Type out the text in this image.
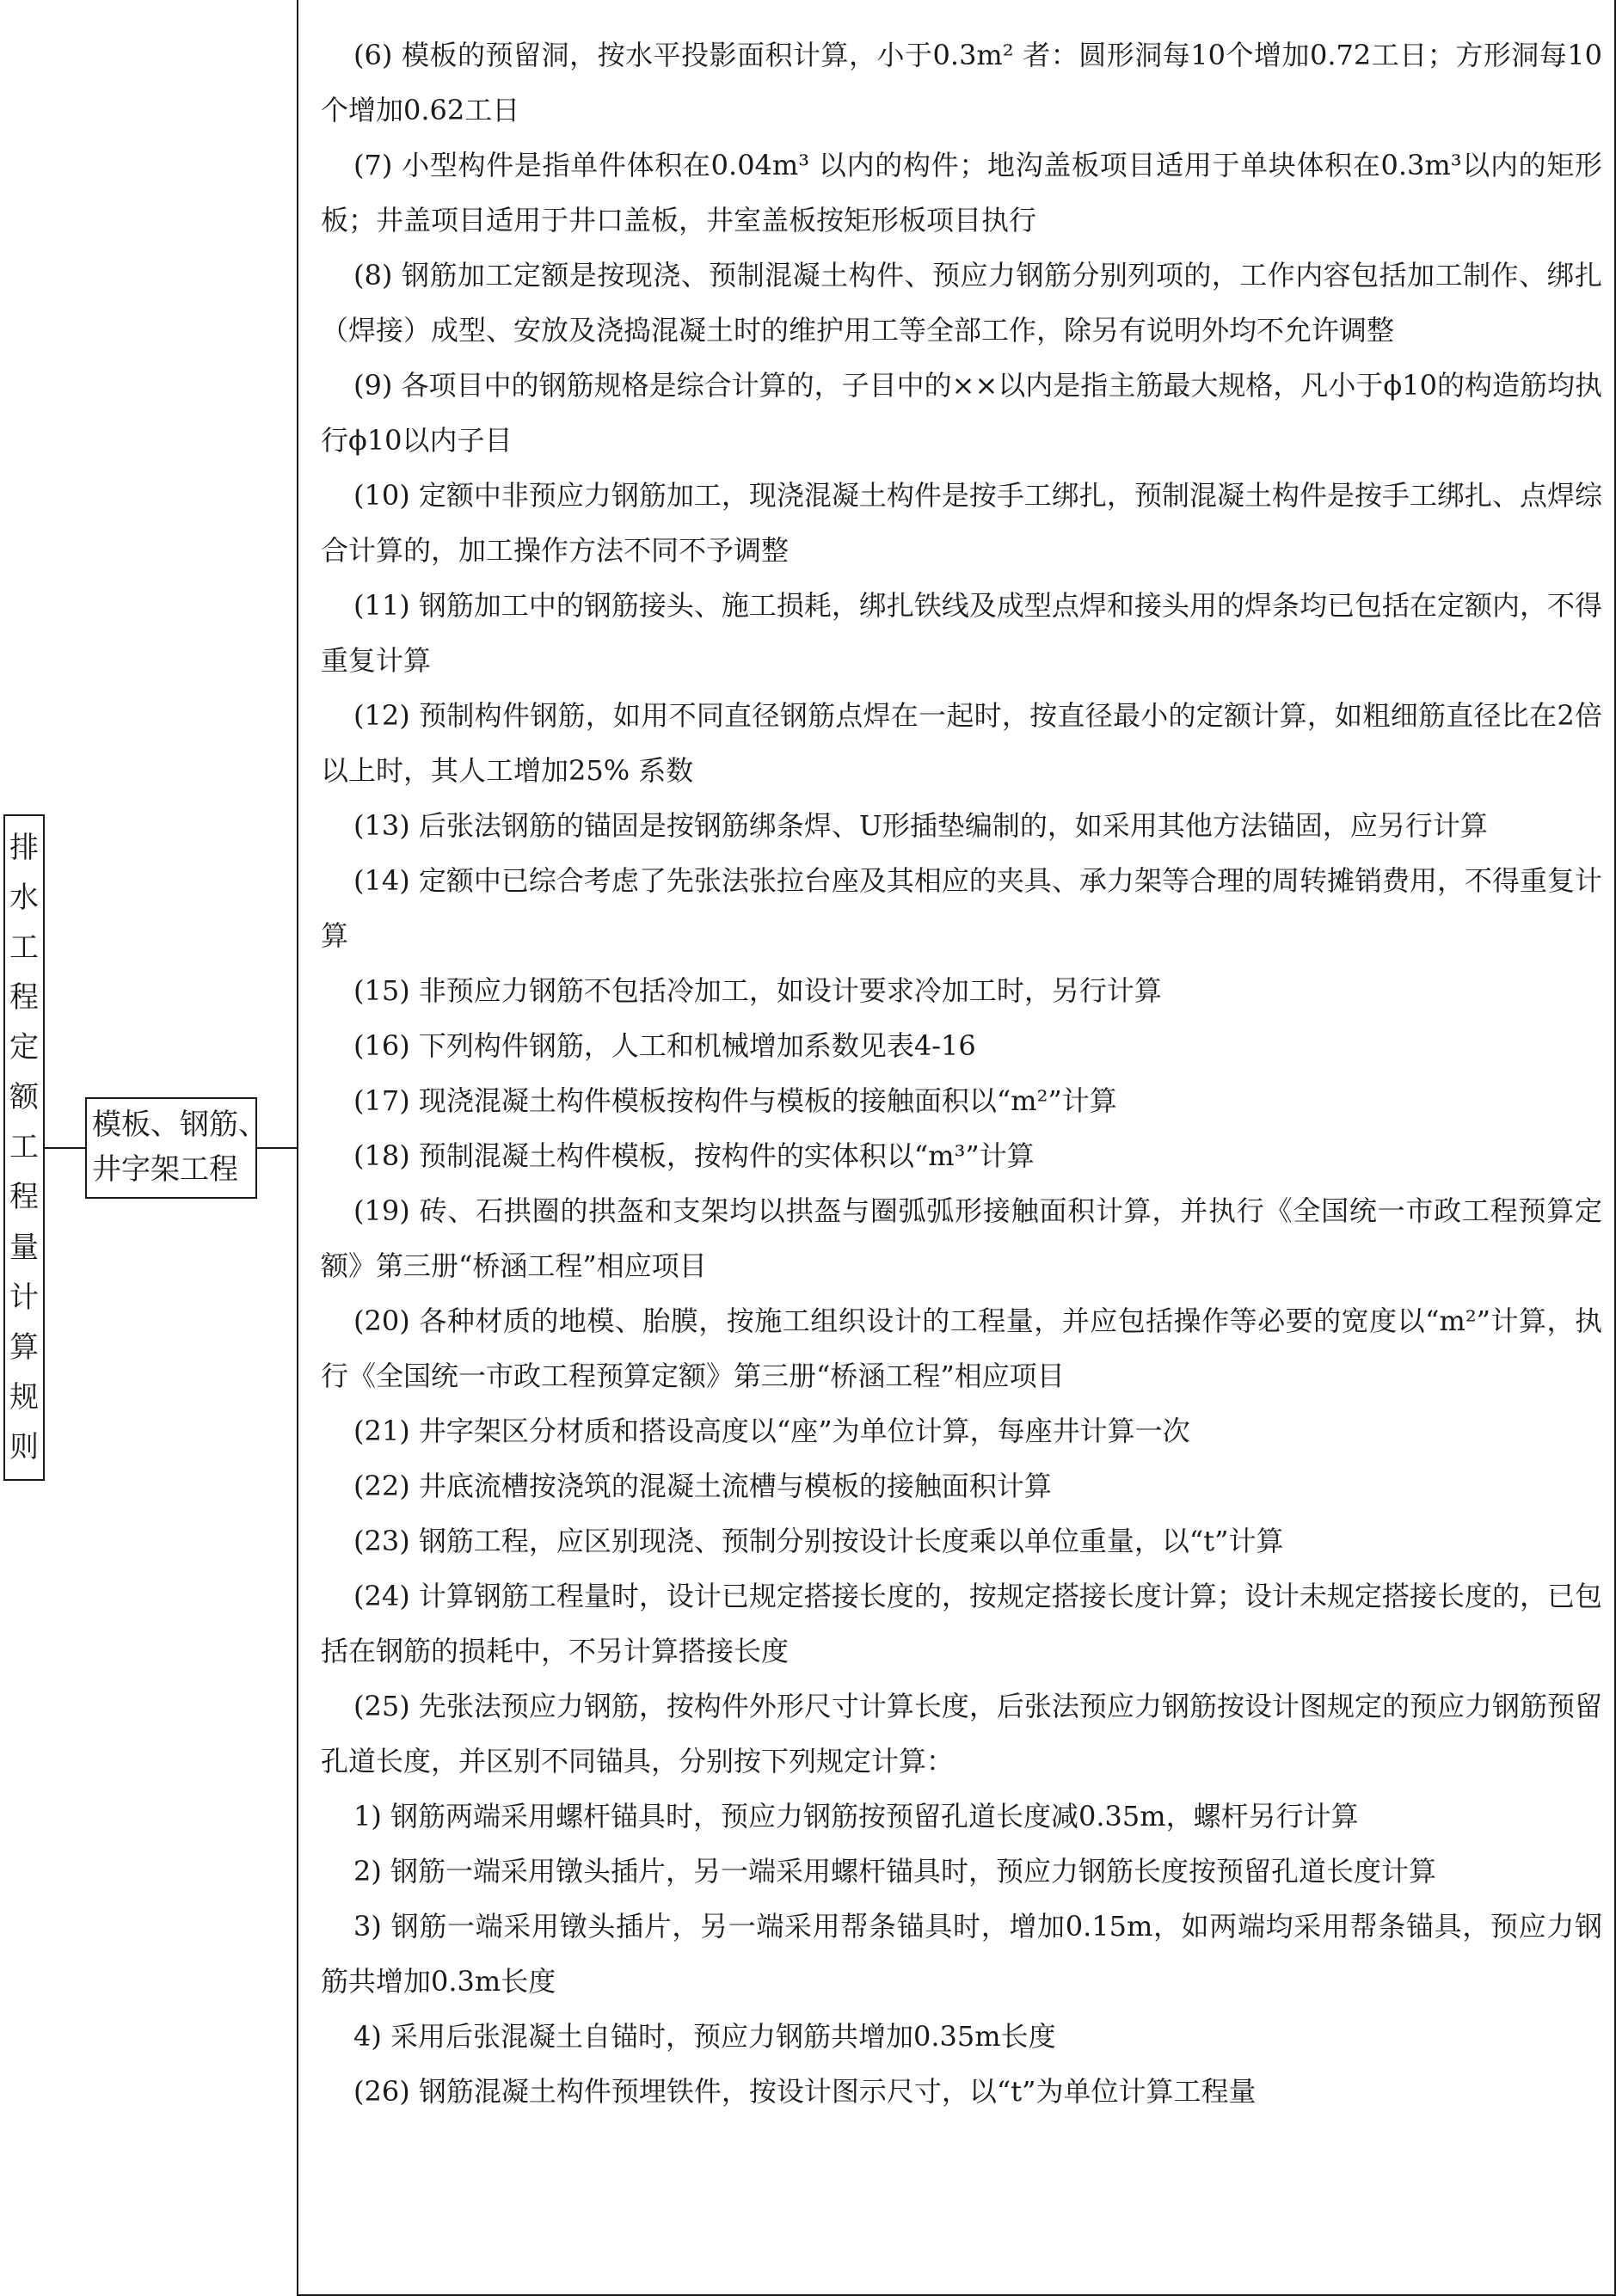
排
水
工
程
定
额
工
程
量
计
算
规
则
模板、钢筋、
井字架工程

(6) 模板的预留洞，按水平投影面积计算，小于0.3m² 者：圆形洞每10个增加0.72工日；方形洞每10个增加0.62工日

(7) 小型构件是指单件体积在0.04m³ 以内的构件；地沟盖板项目适用于单块体积在0.3m³以内的矩形板；井盖项目适用于井口盖板，井室盖板按矩形板项目执行

(8) 钢筋加工定额是按现浇、预制混凝土构件、预应力钢筋分别列项的，工作内容包括加工制作、绑扎（焊接）成型、安放及浇捣混凝土时的维护用工等全部工作，除另有说明外均不允许调整

(9) 各项目中的钢筋规格是综合计算的，子目中的××以内是指主筋最大规格，凡小于ϕ10的构造筋均执行ϕ10以内子目

(10) 定额中非预应力钢筋加工，现浇混凝土构件是按手工绑扎，预制混凝土构件是按手工绑扎、点焊综合计算的，加工操作方法不同不予调整

(11) 钢筋加工中的钢筋接头、施工损耗，绑扎铁线及成型点焊和接头用的焊条均已包括在定额内，不得重复计算

(12) 预制构件钢筋，如用不同直径钢筋点焊在一起时，按直径最小的定额计算，如粗细筋直径比在2倍以上时，其人工增加25% 系数

(13) 后张法钢筋的锚固是按钢筋绑条焊、U形插垫编制的，如采用其他方法锚固，应另行计算

(14) 定额中已综合考虑了先张法张拉台座及其相应的夹具、承力架等合理的周转摊销费用，不得重复计算

(15) 非预应力钢筋不包括冷加工，如设计要求冷加工时，另行计算

(16) 下列构件钢筋，人工和机械增加系数见表4-16

(17) 现浇混凝土构件模板按构件与模板的接触面积以“m²”计算

(18) 预制混凝土构件模板，按构件的实体积以“m³”计算

(19) 砖、石拱圈的拱盔和支架均以拱盔与圈弧弧形接触面积计算，并执行《全国统一市政工程预算定额》第三册“桥涵工程”相应项目

(20) 各种材质的地模、胎膜，按施工组织设计的工程量，并应包括操作等必要的宽度以“m²”计算，执行《全国统一市政工程预算定额》第三册“桥涵工程”相应项目

(21) 井字架区分材质和搭设高度以“座”为单位计算，每座井计算一次

(22) 井底流槽按浇筑的混凝土流槽与模板的接触面积计算

(23) 钢筋工程，应区别现浇、预制分别按设计长度乘以单位重量，以“t”计算

(24) 计算钢筋工程量时，设计已规定搭接长度的，按规定搭接长度计算；设计未规定搭接长度的，已包括在钢筋的损耗中，不另计算搭接长度

(25) 先张法预应力钢筋，按构件外形尺寸计算长度，后张法预应力钢筋按设计图规定的预应力钢筋预留孔道长度，并区别不同锚具，分别按下列规定计算：

1) 钢筋两端采用螺杆锚具时，预应力钢筋按预留孔道长度减0.35m，螺杆另行计算

2) 钢筋一端采用镦头插片，另一端采用螺杆锚具时，预应力钢筋长度按预留孔道长度计算

3) 钢筋一端采用镦头插片，另一端采用帮条锚具时，增加0.15m，如两端均采用帮条锚具，预应力钢筋共增加0.3m长度

4) 采用后张混凝土自锚时，预应力钢筋共增加0.35m长度

(26) 钢筋混凝土构件预埋铁件，按设计图示尺寸，以“t”为单位计算工程量
